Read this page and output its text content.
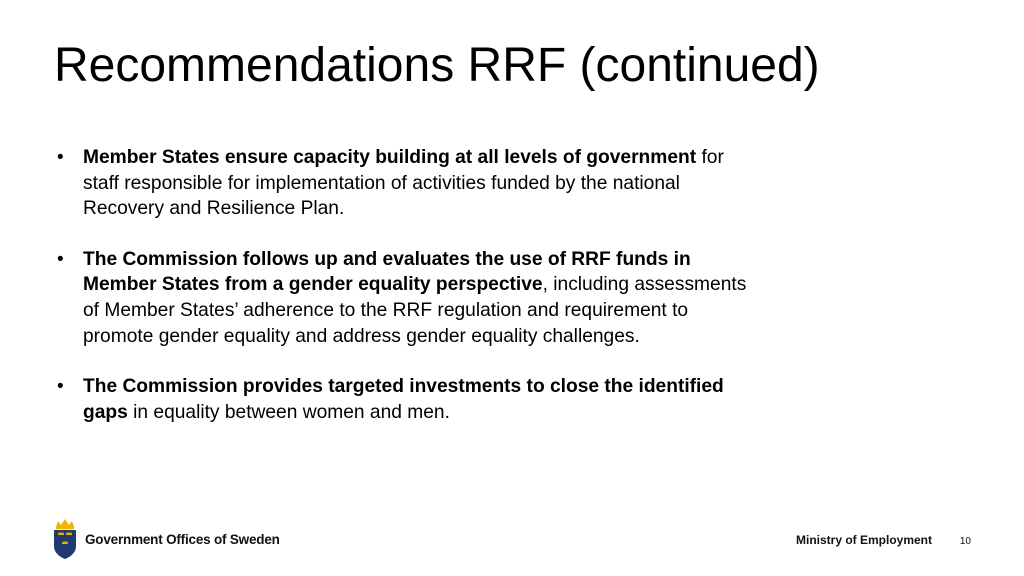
Recommendations RRF (continued)
• Member States ensure capacity building at all levels of government for staff responsible for implementation of activities funded by the national Recovery and Resilience Plan.
• The Commission follows up and evaluates the use of RRF funds in Member States from a gender equality perspective, including assessments of Member States’ adherence to the RRF regulation and requirement to promote gender equality and address gender equality challenges.
• The Commission provides targeted investments to close the identified gaps in equality between women and men.
Government Offices of Sweden	Ministry of Employment	10
